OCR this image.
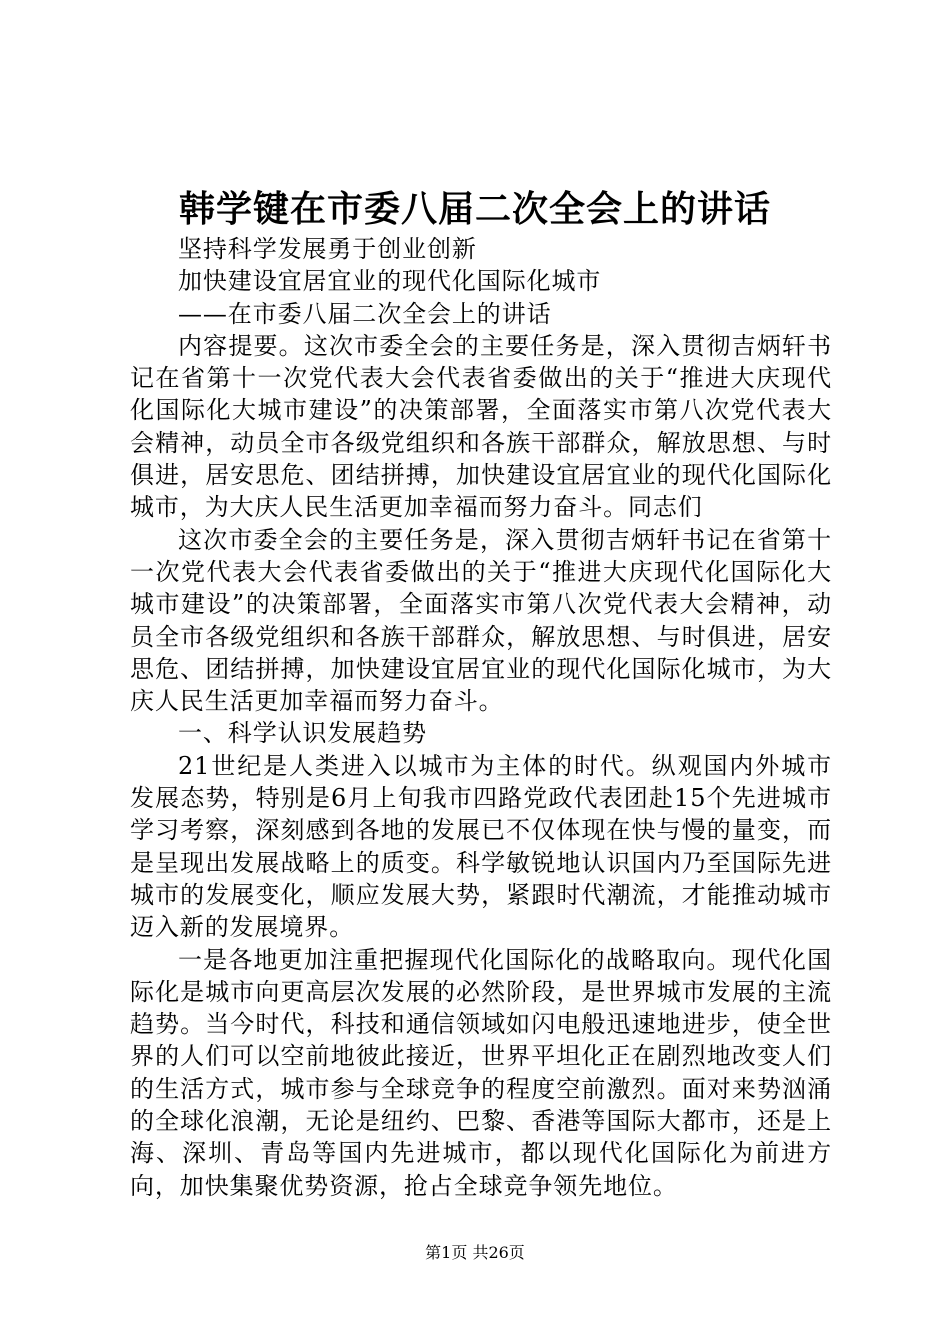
韩学键在市委八届二次全会上的讲话

坚持科学发展勇于创业创新

加快建设宜居宜业的现代化国际化城市

——在市委八届二次全会上的讲话

内容提要。这次市委全会的主要任务是，深入贯彻吉炳轩书记在省第十一次党代表大会代表省委做出的关于“推进大庆现代化国际化大城市建设”的决策部署，全面落实市第八次党代表大会精神，动员全市各级党组织和各族干部群众，解放思想、与时俱进，居安思危、团结拼搏，加快建设宜居宜业的现代化国际化城市，为大庆人民生活更加幸福而努力奋斗。同志们

这次市委全会的主要任务是，深入贯彻吉炳轩书记在省第十一次党代表大会代表省委做出的关于“推进大庆现代化国际化大城市建设”的决策部署，全面落实市第八次党代表大会精神，动员全市各级党组织和各族干部群众，解放思想、与时俱进，居安思危、团结拼搏，加快建设宜居宜业的现代化国际化城市，为大庆人民生活更加幸福而努力奋斗。

一、科学认识发展趋势

21世纪是人类进入以城市为主体的时代。纵观国内外城市发展态势，特别是6月上旬我市四路党政代表团赴15个先进城市学习考察，深刻感到各地的发展已不仅体现在快与慢的量变，而是呈现出发展战略上的质变。科学敏锐地认识国内乃至国际先进城市的发展变化，顺应发展大势，紧跟时代潮流，才能推动城市迈入新的发展境界。

一是各地更加注重把握现代化国际化的战略取向。现代化国际化是城市向更高层次发展的必然阶段，是世界城市发展的主流趋势。当今时代，科技和通信领域如闪电般迅速地进步，使全世界的人们可以空前地彼此接近，世界平坦化正在剧烈地改变人们的生活方式，城市参与全球竞争的程度空前激烈。面对来势汹涌的全球化浪潮，无论是纽约、巴黎、香港等国际大都市，还是上海、深圳、青岛等国内先进城市，都以现代化国际化为前进方向，加快集聚优势资源，抢占全球竞争领先地位。

第1页 共26页
